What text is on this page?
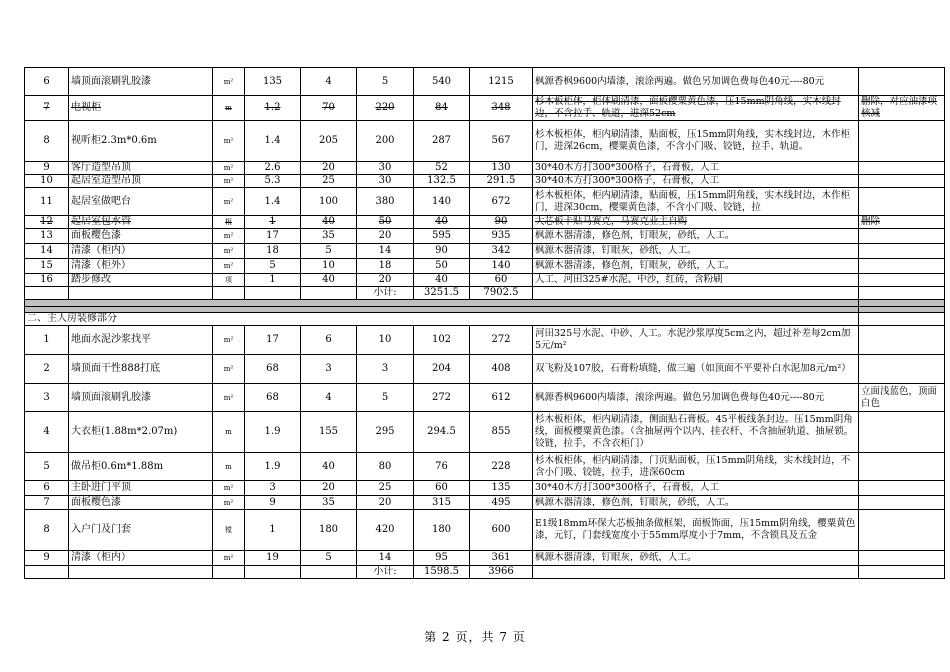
6	墙顶面滚刷乳胶漆	m²	135	4	5	540	1215	枫源香枫9600内墙漆，滚涂两遍。做色另加调色费每色40元----80元	
7	电视柜	m	1.2	70	220	84	348	杉木板柜体，柜体刷清漆，面板樱粟黄色漆，压15mm阴角线，实木线封边，不含拉手、轨道，进深52cm	删除，对应油漆项核减
8	视听柜2.3m*0.6m	m²	1.4	205	200	287	567	杉木板柜体，柜内刷清漆，贴面板，压15mm阴角线，实木线封边，木作柜门，进深26cm，樱粟黄色漆，不含小门吸、铰链，拉手、轨道。	
9	客厅造型吊顶	m²	2.6	20	30	52	130	30*40木方打300*300格子，石膏板，人工	
10	起居室造型吊顶	m²	5.3	25	30	132.5	291.5	30*40木方打300*300格子，石膏板，人工	
11	起居室做吧台	m²	1.4	100	380	140	672	杉木板柜体，柜内刷清漆，贴面板，压15mm阴角线，实木线封边，木作柜门，进深30cm，樱粟黄色漆，不含小门吸、铰链，拉	
12	起居室包水管	根	1	40	50	40	90	大芯板卡贴马赛克，马赛克业主自购	删除
13	面板樱色漆	m²	17	35	20	595	935	枫源木器清漆，修色剂，钉眼灰，砂纸，人工。	
14	清漆（柜内）	m²	18	5	14	90	342	枫源木器清漆，钉眼灰，砂纸，人工。	
15	清漆（柜外）	m²	5	10	18	50	140	枫源木器清漆，修色剂，钉眼灰，砂纸，人工。	
16	踏步修改	项	1	40	20	40	60	人工、河田325#水泥、中沙，红砖，含粉刷	
					小计:	3251.5	7902.5		

二、主人房装修部分									
1	地面水泥沙浆找平	m²	17	6	10	102	272	河田325号水泥、中砂、人工。水泥沙浆厚度5cm之内，超过补差每2cm加5元/m²	
2	墙顶面干性888打底	m²	68	3	3	204	408	双飞粉及107胶，石膏粉填缝，做三遍（如顶面不平要补白水泥加8元/m²）	
3	墙顶面滚刷乳胶漆	m²	68	4	5	272	612	枫源香枫9600内墙漆，滚涂两遍。做色另加调色费每色40元----80元	立面浅蓝色，顶面白色
4	大衣柜(1.88m*2.07m)	m	1.9	155	295	294.5	855	杉木板柜体，柜内刷清漆，侧面贴石膏板。45平板线条封边。压15mm阴角线，面板樱粟黄色漆。（含抽屉两个以内、挂衣杆、不含抽屉轨道、抽屉锁。铰链，拉手，不含衣柜门）	
5	做吊柜0.6m*1.88m	m	1.9	40	80	76	228	杉木板柜体，柜内刷清漆，门页贴面板，压15mm阴角线，实木线封边，不含小门吸、铰链，拉手，进深60cm	
6	主卧进门平顶	m²	3	20	25	60	135	30*40木方打300*300格子，石膏板，人工	
7	面板樱色漆	m²	9	35	20	315	495	枫源木器清漆，修色剂，钉眼灰，砂纸，人工。	
8	入户门及门套	樘	1	180	420	180	600	E1级18mm环保大芯板抽条做框架，面板饰面，压15mm阴角线，樱粟黄色漆，元钉，门套线宽度小于55mm厚度小于7mm，不含锁具及五金	
9	清漆（柜内）	m²	19	5	14	95	361	枫源木器清漆，钉眼灰，砂纸，人工。	
					小计:	1598.5	3966		
第 2 页，共 7 页
